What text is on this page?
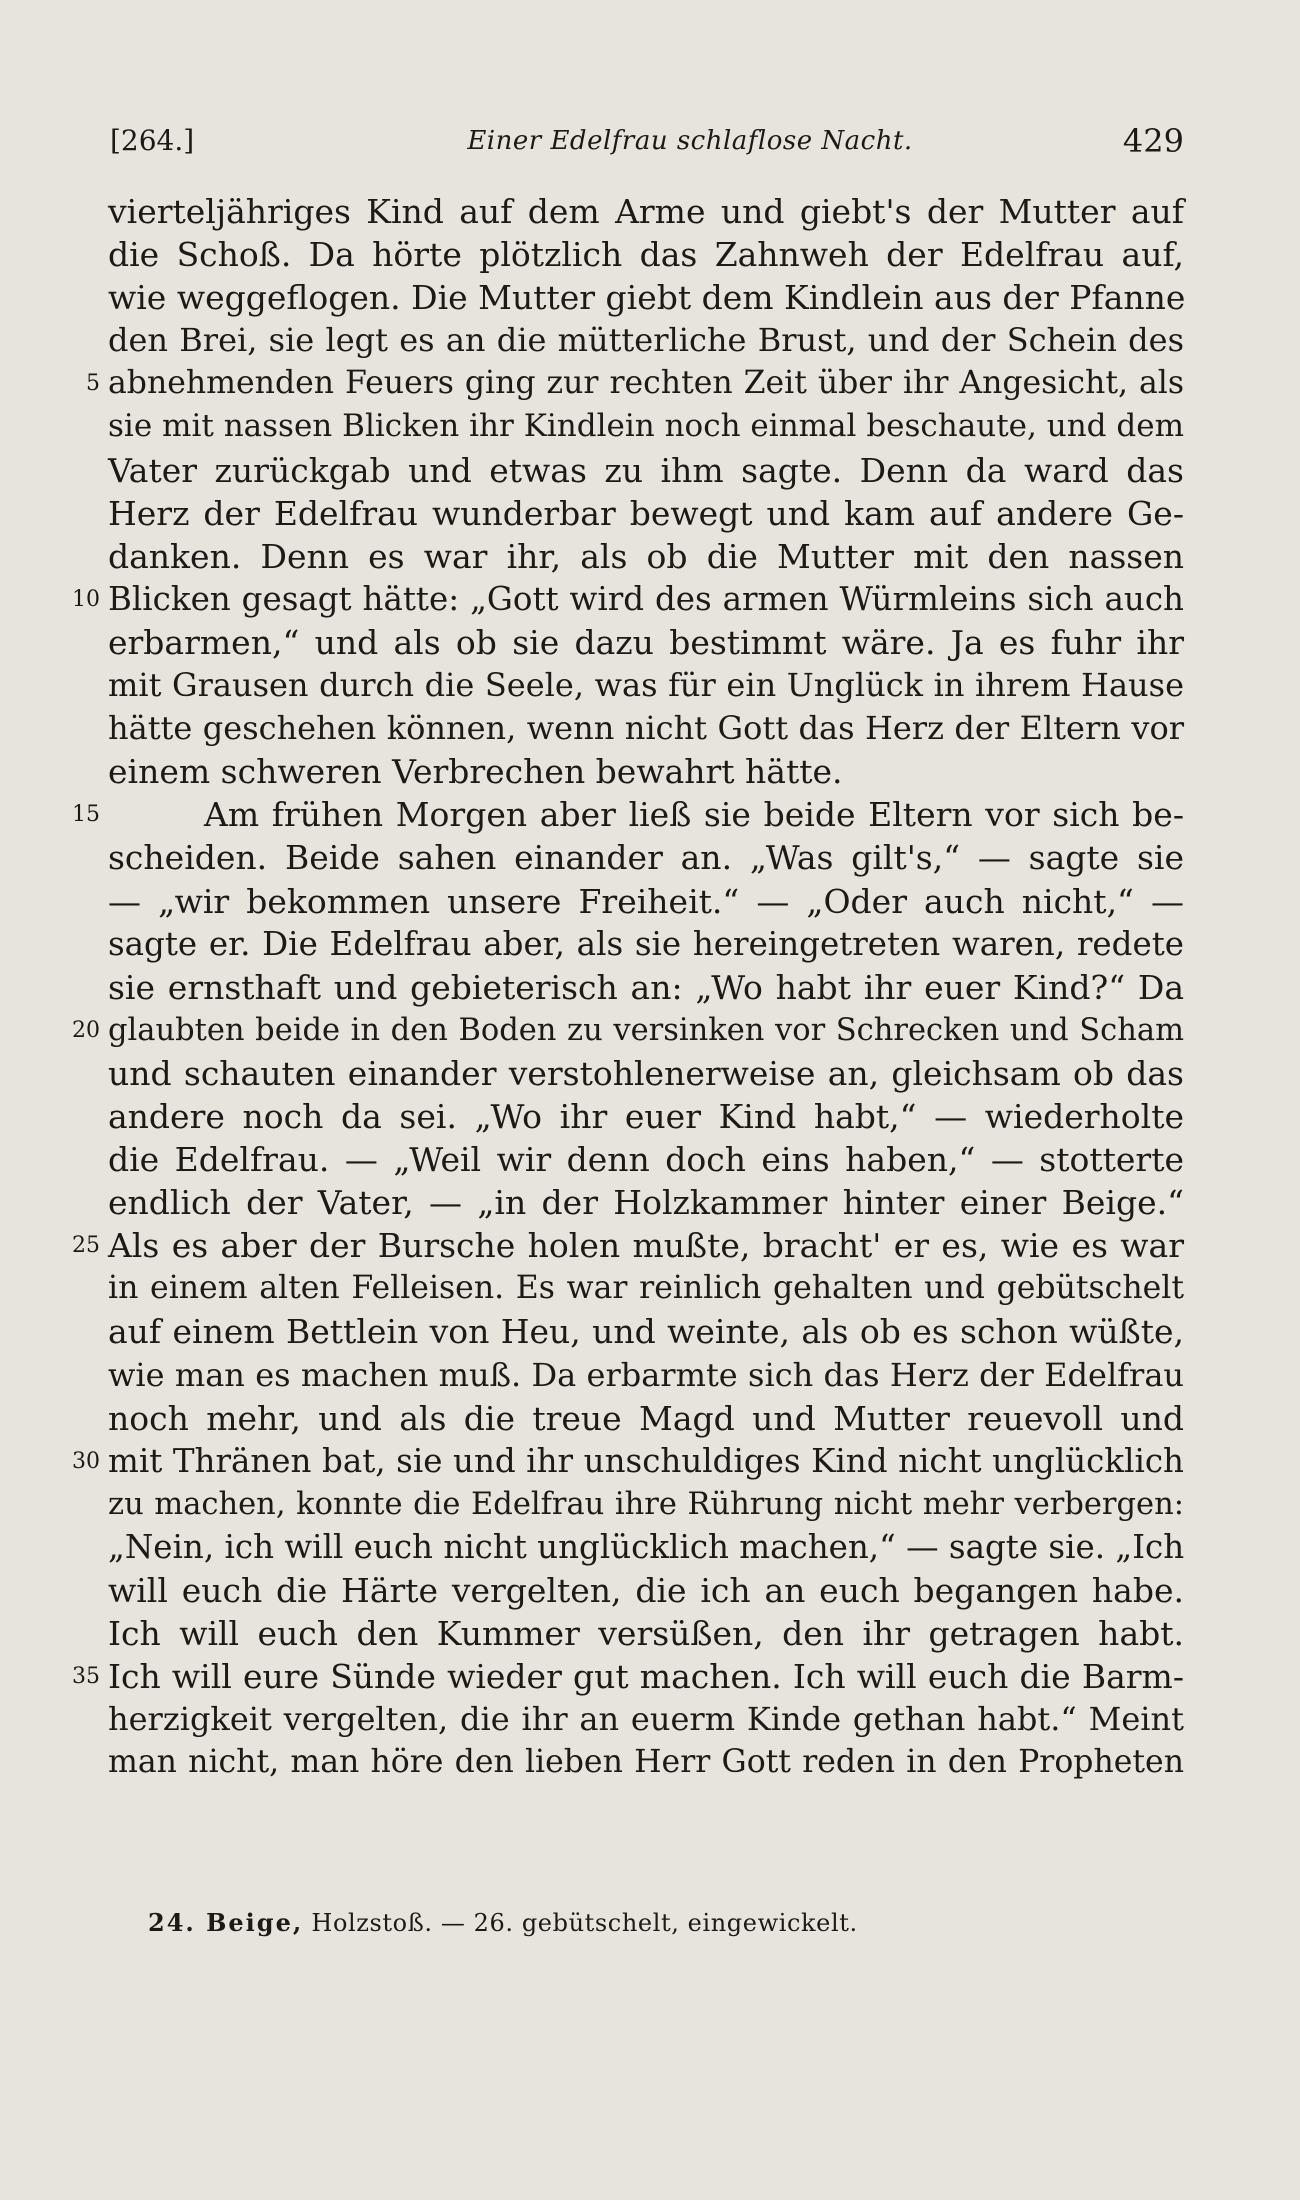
[264.]	Einer Edelfrau schlaflose Nacht.	429
vierteljähriges Kind auf dem Arme und giebt's der Mutter auf
die Schoß. Da hörte plötzlich das Zahnweh der Edelfrau auf,
wie weggeflogen. Die Mutter giebt dem Kindlein aus der Pfanne
den Brei, sie legt es an die mütterliche Brust, und der Schein des
5 abnehmenden Feuers ging zur rechten Zeit über ihr Angesicht, als
sie mit nassen Blicken ihr Kindlein noch einmal beschaute, und dem
Vater zurückgab und etwas zu ihm sagte. Denn da ward das
Herz der Edelfrau wunderbar bewegt und kam auf andere Ge-
danken. Denn es war ihr, als ob die Mutter mit den nassen
10 Blicken gesagt hätte: „Gott wird des armen Würmleins sich auch
erbarmen,“ und als ob sie dazu bestimmt wäre. Ja es fuhr ihr
mit Grausen durch die Seele, was für ein Unglück in ihrem Hause
hätte geschehen können, wenn nicht Gott das Herz der Eltern vor
einem schweren Verbrechen bewahrt hätte.
15	Am frühen Morgen aber ließ sie beide Eltern vor sich be-
scheiden. Beide sahen einander an. „Was gilt's,“ — sagte sie
— „wir bekommen unsere Freiheit.“ — „Oder auch nicht,“ —
sagte er. Die Edelfrau aber, als sie hereingetreten waren, redete
sie ernsthaft und gebieterisch an: „Wo habt ihr euer Kind?“ Da
20 glaubten beide in den Boden zu versinken vor Schrecken und Scham
und schauten einander verstohlenerweise an, gleichsam ob das
andere noch da sei. „Wo ihr euer Kind habt,“ — wiederholte
die Edelfrau. — „Weil wir denn doch eins haben,“ — stotterte
endlich der Vater, — „in der Holzkammer hinter einer Beige.“
25 Als es aber der Bursche holen mußte, bracht' er es, wie es war
in einem alten Felleisen. Es war reinlich gehalten und gebütschelt
auf einem Bettlein von Heu, und weinte, als ob es schon wüßte,
wie man es machen muß. Da erbarmte sich das Herz der Edelfrau
noch mehr, und als die treue Magd und Mutter reuevoll und
30 mit Thränen bat, sie und ihr unschuldiges Kind nicht unglücklich
zu machen, konnte die Edelfrau ihre Rührung nicht mehr verbergen:
„Nein, ich will euch nicht unglücklich machen,“ — sagte sie. „Ich
will euch die Härte vergelten, die ich an euch begangen habe.
Ich will euch den Kummer versüßen, den ihr getragen habt.
35 Ich will eure Sünde wieder gut machen. Ich will euch die Barm-
herzigkeit vergelten, die ihr an euerm Kinde gethan habt.“ Meint
man nicht, man höre den lieben Herr Gott reden in den Propheten
24. Beige, Holzstoß. — 26. gebütschelt, eingewickelt.
